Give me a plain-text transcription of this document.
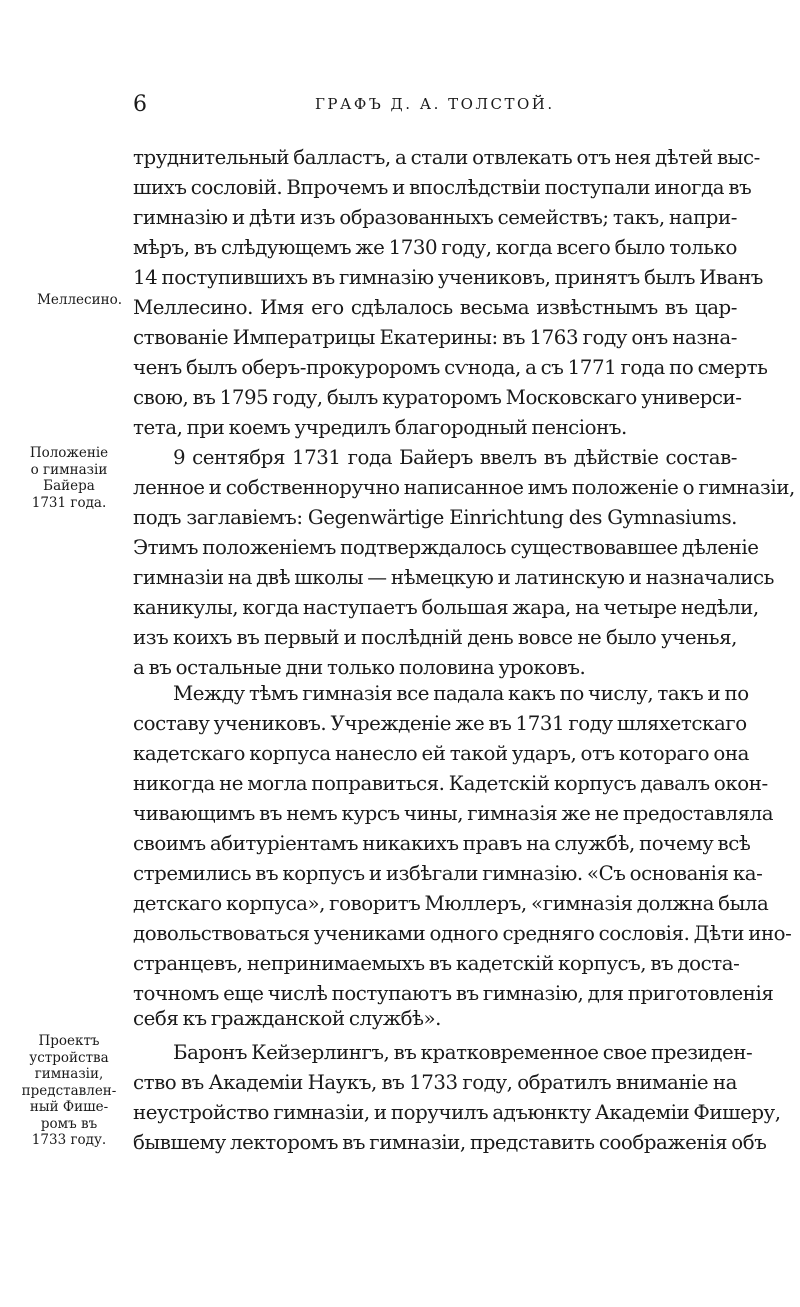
6	ГРАФЪ Д. А. ТОЛСТОЙ.
Меллесино.
Положеніе
о гимназіи
Байера
1731 года.
Проектъ
устройства
гимназіи,
представлен-
ный Фише-
ромъ въ
1733 году.
труднительный балластъ, а стали отвлекать отъ нея дѣтей выс-
шихъ сословій. Впрочемъ и впослѣдствіи поступали иногда въ
гимназію и дѣти изъ образованныхъ семействъ; такъ, напри-
мѣръ, въ слѣдующемъ же 1730 году, когда всего было только
14 поступившихъ въ гимназію учениковъ, принятъ былъ Иванъ
Меллесино. Имя его сдѣлалось весьма извѣстнымъ въ цар-
ствованіе Императрицы Екатерины: въ 1763 году онъ назна-
ченъ былъ оберъ-прокуроромъ сѵнода, а съ 1771 года по смерть
свою, въ 1795 году, былъ кураторомъ Московскаго универси-
тета, при коемъ учредилъ благородный пенсіонъ.
9 сентября 1731 года Байеръ ввелъ въ дѣйствіе состав-
ленное и собственноручно написанное имъ положеніе о гимназіи,
подъ заглавіемъ: Gegenwärtige Einrichtung des Gymnasiums.
Этимъ положеніемъ подтверждалось существовавшее дѣленіе
гимназіи на двѣ школы — нѣмецкую и латинскую и назначались
каникулы, когда наступаетъ большая жара, на четыре недѣли,
изъ коихъ въ первый и послѣдній день вовсе не было ученья,
а въ остальные дни только половина уроковъ.
Между тѣмъ гимназія все падала какъ по числу, такъ и по
составу учениковъ. Учрежденіе же въ 1731 году шляхетскаго
кадетскаго корпуса нанесло ей такой ударъ, отъ котораго она
никогда не могла поправиться. Кадетскій корпусъ давалъ окон-
чивающимъ въ немъ курсъ чины, гимназія же не предоставляла
своимъ абитуріентамъ никакихъ правъ на службѣ, почему всѣ
стремились въ корпусъ и избѣгали гимназію. «Съ основанія ка-
детскаго корпуса», говоритъ Мюллеръ, «гимназія должна была
довольствоваться учениками одного средняго сословія. Дѣти ино-
странцевъ, непринимаемыхъ въ кадетскій корпусъ, въ доста-
точномъ еще числѣ поступаютъ въ гимназію, для приготовленія
себя къ гражданской службѣ».
Баронъ Кейзерлингъ, въ кратковременное свое президен-
ство въ Академіи Наукъ, въ 1733 году, обратилъ вниманіе на
неустройство гимназіи, и поручилъ адъюнкту Академіи Фишеру,
бывшему лекторомъ въ гимназіи, представить соображенія объ
